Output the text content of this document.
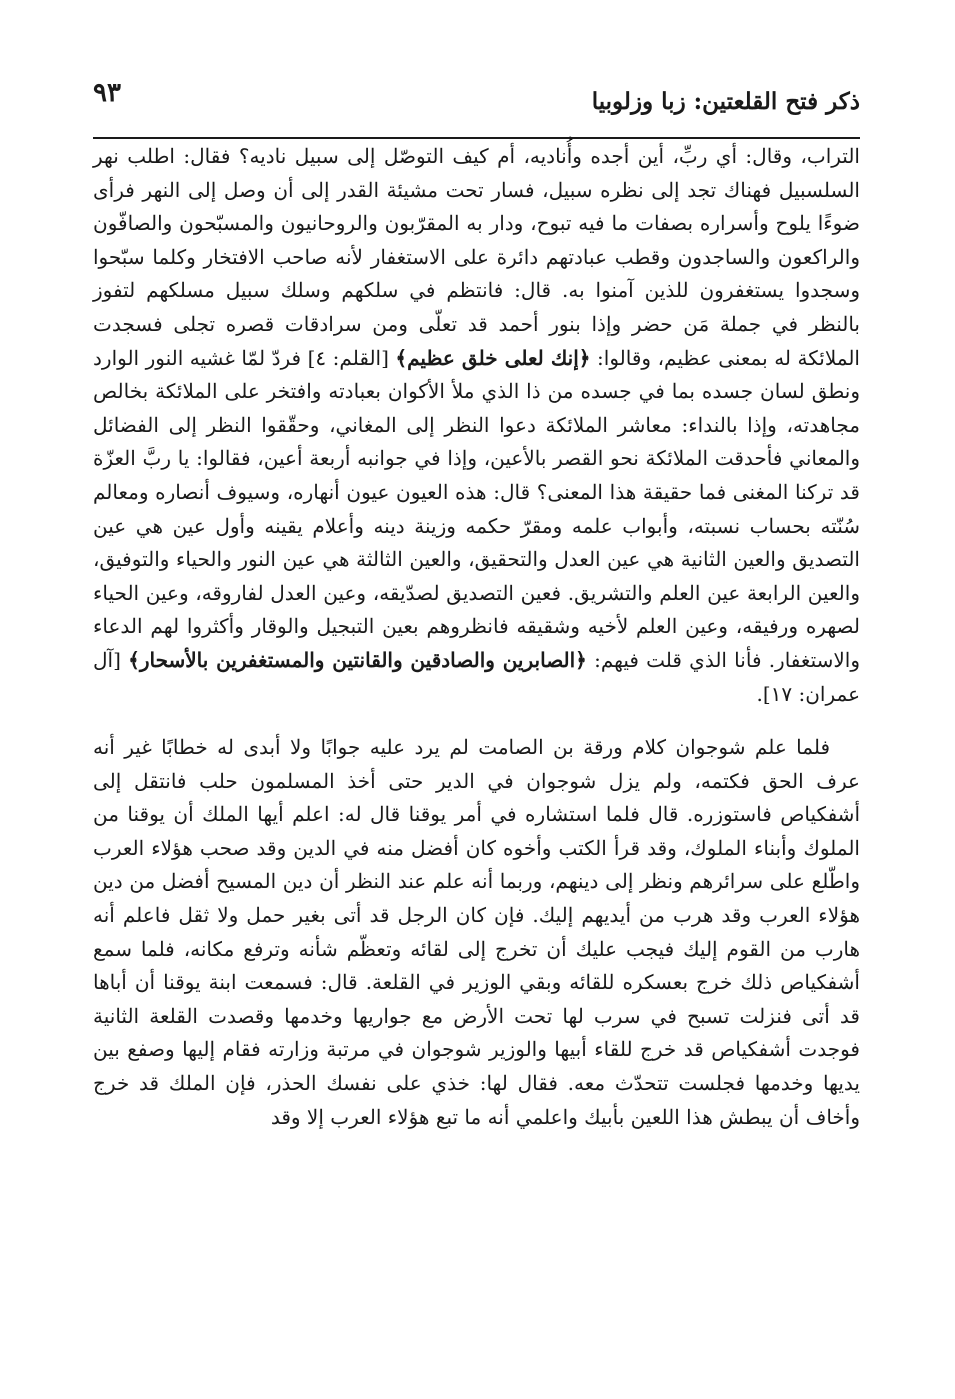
ذكر فتح القلعتين: زبا وزلوبيا
٩٣

التراب، وقال: أي ربِّ، أين أجده وأُناديه، أم كيف التوصّل إلى سبيل ناديه؟ فقال: اطلب نهر السلسبيل فهناك تجد إلى نظره سبيل، فسار تحت مشيئة القدر إلى أن وصل إلى النهر فرأى ضوءًا يلوح وأسراره بصفات ما فيه تبوح، ودار به المقرّبون والروحانيون والمسبّحون والصافّون والراكعون والساجدون وقطب عبادتهم دائرة على الاستغفار لأنه صاحب الافتخار وكلما سبّحوا وسجدوا يستغفرون للذين آمنوا به. قال: فانتظم في سلكهم وسلك سبيل مسلكهم لتفوز بالنظر في جملة مَن حضر وإذا بنور أحمد قد تعلّى ومن سرادقات قصره تجلى فسجدت الملائكة له بمعنى عظيم، وقالوا: ﴿إنك لعلى خلق عظيم﴾ [القلم: ٤] فردّ لمّا غشيه النور الوارد ونطق لسان جسده بما في جسده من ذا الذي ملأ الأكوان بعبادته وافتخر على الملائكة بخالص مجاهدته، وإذا بالنداء: معاشر الملائكة دعوا النظر إلى المغاني، وحقّقوا النظر إلى الفضائل والمعاني فأحدقت الملائكة نحو القصر بالأعين، وإذا في جوانبه أربعة أعين، فقالوا: يا ربَّ العزّة قد تركنا المغنى فما حقيقة هذا المعنى؟ قال: هذه العيون عيون أنهاره، وسيوف أنصاره ومعالم سُنّته بحساب نسبته، وأبواب علمه ومقرّ حكمه وزينة دينه وأعلام يقينه وأول عين هي عين التصديق والعين الثانية هي عين العدل والتحقيق، والعين الثالثة هي عين النور والحياء والتوفيق، والعين الرابعة عين العلم والتشريق. فعين التصديق لصدّيقه، وعين العدل لفاروقه، وعين الحياء لصهره ورفيقه، وعين العلم لأخيه وشقيقه فانظروهم بعين التبجيل والوقار وأكثروا لهم الدعاء والاستغفار. فأنا الذي قلت فيهم: ﴿الصابرين والصادقين والقانتين والمستغفرين بالأسحار﴾ [آل عمران: ١٧].

فلما علم شوجوان كلام ورقة بن الصامت لم يرد عليه جوابًا ولا أبدى له خطابًا غير أنه عرف الحق فكتمه، ولم يزل شوجوان في الدير حتى أخذ المسلمون حلب فانتقل إلى أشفكياص فاستوزره. قال فلما استشاره في أمر يوقنا قال له: اعلم أيها الملك أن يوقنا من الملوك وأبناء الملوك، وقد قرأ الكتب وأخوه كان أفضل منه في الدين وقد صحب هؤلاء العرب واطّلع على سرائرهم ونظر إلى دينهم، وربما أنه علم عند النظر أن دين المسيح أفضل من دين هؤلاء العرب وقد هرب من أيديهم إليك. فإن كان الرجل قد أتى بغير حمل ولا ثقل فاعلم أنه هارب من القوم إليك فيجب عليك أن تخرج إلى لقائه وتعظّم شأنه وترفع مكانه، فلما سمع أشفكياص ذلك خرج بعسكره للقائه وبقي الوزير في القلعة. قال: فسمعت ابنة يوقنا أن أباها قد أتى فنزلت تسبح في سرب لها تحت الأرض مع جواريها وخدمها وقصدت القلعة الثانية فوجدت أشفكياص قد خرج للقاء أبيها والوزير شوجوان في مرتبة وزارته فقام إليها وصفع بين يديها وخدمها فجلست تتحدّث معه. فقال لها: خذي على نفسك الحذر، فإن الملك قد خرج وأخاف أن يبطش هذا اللعين بأبيك واعلمي أنه ما تبع هؤلاء العرب إلا وقد
